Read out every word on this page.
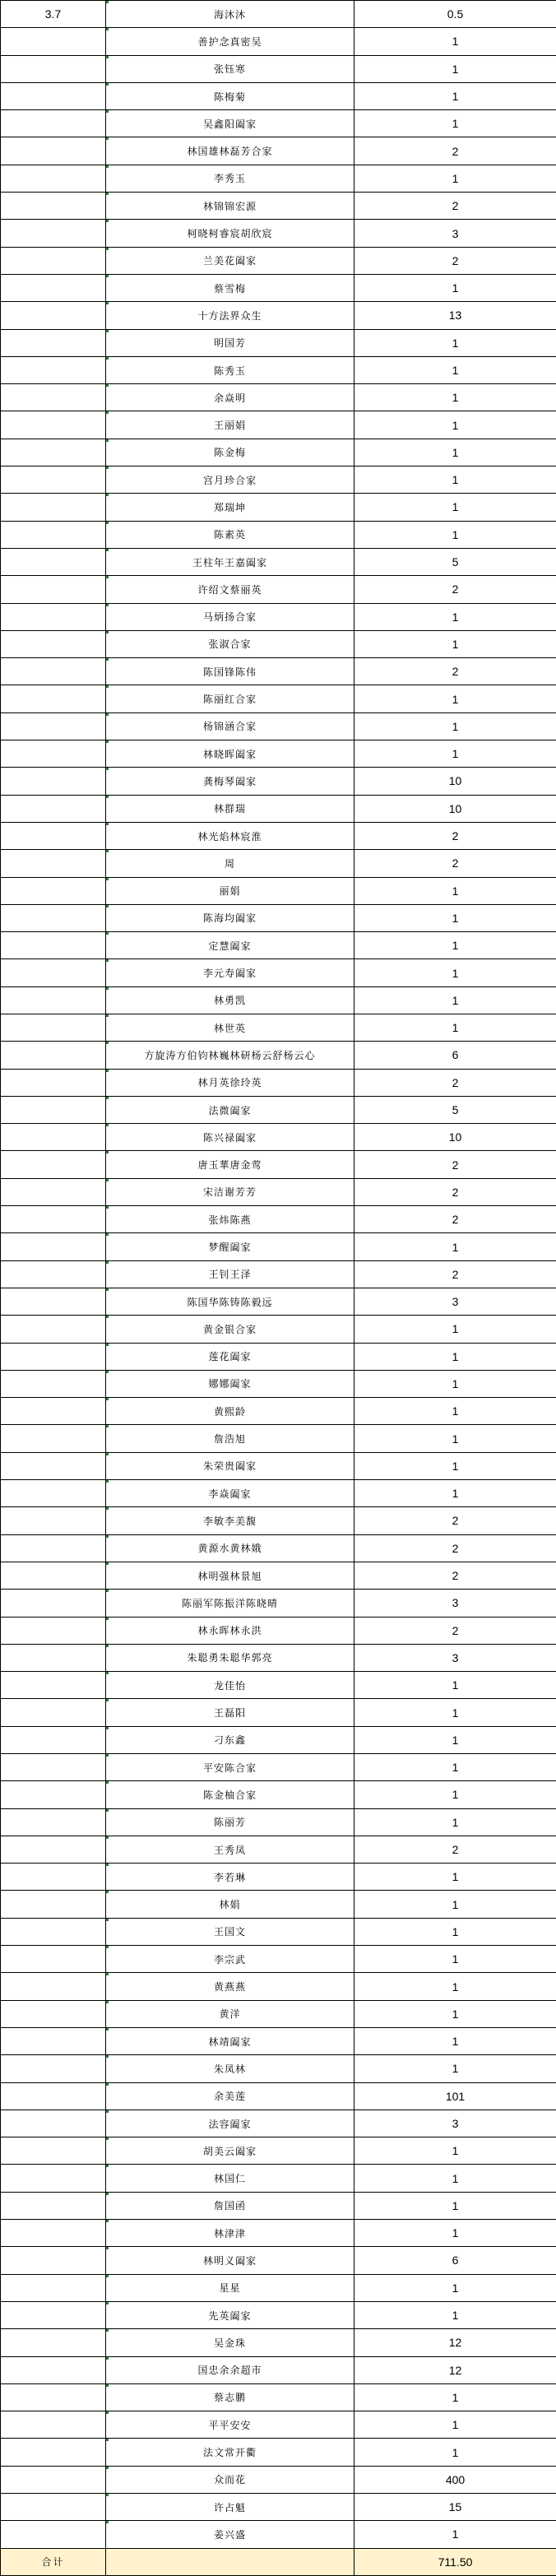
3.7	海沐沐	0.5
	善护念真密吴	1
	张钰寒	1
	陈梅菊	1
	吴鑫阳阖家	1
	林国雄林磊芳合家	2
	李秀玉	1
	林锦锦宏源	2
	柯晓柯睿宸胡欣宸	3
	兰美花阖家	2
	蔡雪梅	1
	十方法界众生	13
	明国芳	1
	陈秀玉	1
	余焱明	1
	王丽娟	1
	陈金梅	1
	宫月珍合家	1
	郑瑞坤	1
	陈素英	1
	王柱年王嘉阖家	5
	许绍文蔡丽英	2
	马炳扬合家	1
	张淑合家	1
	陈国锋陈伟	2
	陈丽红合家	1
	杨锦涵合家	1
	林晓晖阖家	1
	龚梅琴阖家	10
	林群瑞	10
	林光焰林宸淮	2
	周	2
	丽娟	1
	陈海均阖家	1
	定慧阖家	1
	李元寿阖家	1
	林勇凯	1
	林世英	1
	方旋涛方伯钧林巍林研杨云舒杨云心	6
	林月英徐玲英	2
	法微阖家	5
	陈兴禄阖家	10
	唐玉華唐金莺	2
	宋洁谢芳芳	2
	张炜陈燕	2
	梦醒阖家	1
	王钊王泽	2
	陈国华陈铸陈毅远	3
	黄金银合家	1
	莲花阖家	1
	娜娜阖家	1
	黄熙龄	1
	詹浩旭	1
	朱荣贵阖家	1
	李焱阖家	1
	李敏李美馥	2
	黄源水黄林娥	2
	林明强林景旭	2
	陈丽军陈振洋陈晓晴	3
	林永晖林永洪	2
	朱聪勇朱聪华郭亮	3
	龙佳怡	1
	王磊阳	1
	刁东鑫	1
	平安陈合家	1
	陈金柚合家	1
	陈丽芳	1
	王秀凤	2
	李若琳	1
	林娟	1
	王国文	1
	李宗武	1
	黄燕燕	1
	黄洋	1
	林靖阖家	1
	朱凤林	1
	余美莲	101
	法容阖家	3
	胡美云阖家	1
	林国仁	1
	詹国函	1
	林津津	1
	林明义阖家	6
	星星	1
	先英阖家	1
	吴金珠	12
	国忠余余超市	12
	蔡志鹏	1
	平平安安	1
	法文常开衢	1
	众而花	400
	许占魁	15
	姜兴盛	1
合计		711.50
